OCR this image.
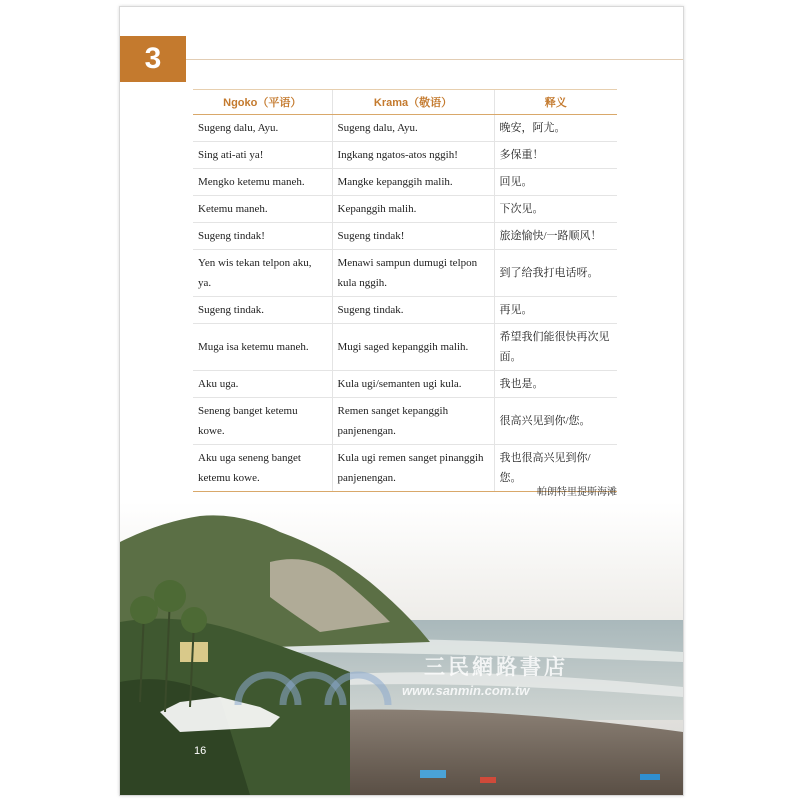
3
Ngoko（平语）	Krama（敬语）	释义
Sugeng dalu, Ayu.	Sugeng dalu, Ayu.	晚安，阿尤。
Sing ati-ati ya!	Ingkang ngatos-atos nggih!	多保重！
Mengko ketemu maneh.	Mangke kepanggih malih.	回见。
Ketemu maneh.	Kepanggih malih.	下次见。
Sugeng tindak!	Sugeng tindak!	旅途愉快/一路顺风！
Yen wis tekan telpon aku, ya.	Menawi sampun dumugi telpon kula nggih.	到了给我打电话呀。
Sugeng tindak.	Sugeng tindak.	再见。
Muga isa ketemu maneh.	Mugi saged kepanggih malih.	希望我们能很快再次见面。
Aku uga.	Kula ugi/semanten ugi kula.	我也是。
Seneng banget ketemu kowe.	Remen sanget kepanggih panjenengan.	很高兴见到你/您。
Aku uga seneng banget ketemu kowe.	Kula ugi remen sanget pinanggih panjenengan.	我也很高兴见到你/您。
帕朗特里提斯海滩
16
三民網路書店
www.sanmin.com.tw
